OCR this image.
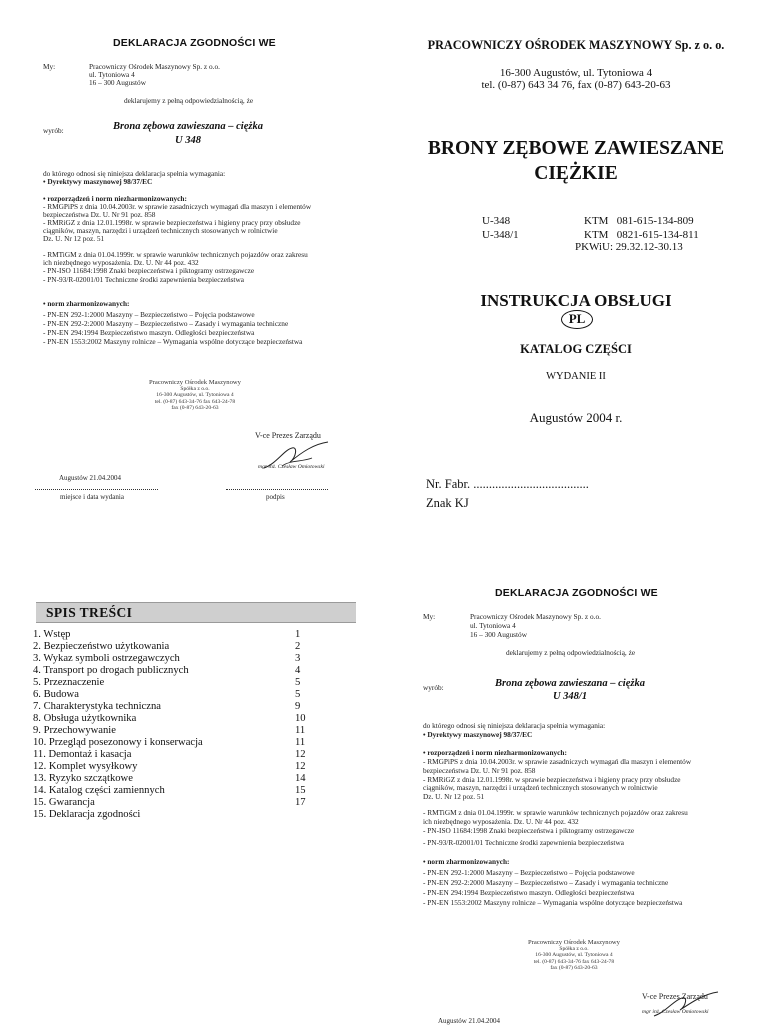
DEKLARACJA ZGODNOŚCI WE
My:	Pracowniczy Ośrodek Maszynowy Sp. z o.o.
ul. Tytoniowa 4
16 – 300 Augustów
deklarujemy z pełną odpowiedzialnością, że
wyrób:	Brona zębowa zawieszana – ciężka
U 348
do którego odnosi się niniejsza deklaracja spełnia wymagania:
• Dyrektywy maszynowej 98/37/EC
• rozporządzeń i norm niezharmonizowanych:
- RMGPiPS z dnia 10.04.2003r. w sprawie zasadniczych wymagań dla maszyn i elementów
bezpieczeństwa Dz. U. Nr 91 poz. 858
- RMRiGZ z dnia 12.01.1998r. w sprawie bezpieczeństwa i higieny pracy przy obsłudze
ciągników, maszyn, narzędzi i urządzeń technicznych stosowanych w rolnictwie
Dz. U. Nr 12 poz. 51
- RMTiGM z dnia 01.04.1999r. w sprawie warunków technicznych pojazdów oraz zakresu
ich niezbędnego wyposażenia. Dz. U. Nr 44 poz. 432
- PN-ISO 11684:1998 Znaki bezpieczeństwa i piktogramy ostrzegawcze
- PN-93/R-02001/01 Techniczne środki zapewnienia bezpieczeństwa
• norm zharmonizowanych:
- PN-EN 292-1:2000 Maszyny – Bezpieczeństwo – Pojęcia podstawowe
- PN-EN 292-2:2000 Maszyny – Bezpieczeństwo – Zasady i wymagania techniczne
- PN-EN 294:1994 Bezpieczeństwo maszyn. Odległości bezpieczeństwa
- PN-EN 1553:2002 Maszyny rolnicze – Wymagania wspólne dotyczące bezpieczeństwa
Pracowniczy Ośrodek Maszynowy
Spółka z o.o.
16-300 Augustów, ul. Tytoniowa 4
tel. (0-87) 643-34-76 fax 643-24-78
fax (0-87) 643-20-63
V-ce Prezes Zarządu
mgr inż. Czesław Omiotowski
Augustów 21.04.2004
miejsce i data wydania	podpis
PRACOWNICZY OŚRODEK MASZYNOWY Sp. z o. o.
16-300 Augustów, ul. Tytoniowa 4
tel. (0-87) 643 34 76, fax (0-87) 643-20-63
BRONY ZĘBOWE ZAWIESZANE
CIĘŻKIE
U-348	KTM   081-615-134-809
U-348/1	KTM   0821-615-134-811
PKWiU: 29.32.12-30.13
INSTRUKCJA OBSŁUGI
PL
KATALOG CZĘŚCI
WYDANIE II
Augustów 2004 r.
Nr. Fabr. .....................................
Znak KJ
SPIS TREŚCI
1. Wstęp	1
2. Bezpieczeństwo użytkowania	2
3. Wykaz symboli ostrzegawczych	3
4. Transport po drogach publicznych	4
5. Przeznaczenie	5
6. Budowa	5
7. Charakterystyka techniczna	9
8. Obsługa użytkownika	10
9. Przechowywanie	11
10. Przegląd posezonowy i konserwacja	11
11. Demontaż i kasacja	12
12. Komplet wysyłkowy	12
13. Ryzyko szczątkowe	14
14. Katalog części zamiennych	15
15. Gwarancja	17
15. Deklaracja zgodności
DEKLARACJA ZGODNOŚCI WE
My:	Pracowniczy Ośrodek Maszynowy Sp. z o.o.
ul. Tytoniowa 4
16 – 300 Augustów
deklarujemy z pełną odpowiedzialnością, że
wyrób:	Brona zębowa zawieszana – ciężka
U 348/1
do którego odnosi się niniejsza deklaracja spełnia wymagania:
• Dyrektywy maszynowej 98/37/EC
• rozporządzeń i norm niezharmonizowanych:
- RMGPiPS z dnia 10.04.2003r. w sprawie zasadniczych wymagań dla maszyn i elementów
bezpieczeństwa Dz. U. Nr 91 poz. 858
- RMRiGZ z dnia 12.01.1998r. w sprawie bezpieczeństwa i higieny pracy przy obsłudze
ciągników, maszyn, narzędzi i urządzeń technicznych stosowanych w rolnictwie
Dz. U. Nr 12 poz. 51
- RMTiGM z dnia 01.04.1999r. w sprawie warunków technicznych pojazdów oraz zakresu
ich niezbędnego wyposażenia. Dz. U. Nr 44 poz. 432
- PN-ISO 11684:1998 Znaki bezpieczeństwa i piktogramy ostrzegawcze
- PN-93/R-02001/01 Techniczne środki zapewnienia bezpieczeństwa
• norm zharmonizowanych:
- PN-EN 292-1:2000 Maszyny – Bezpieczeństwo – Pojęcia podstawowe
- PN-EN 292-2:2000 Maszyny – Bezpieczeństwo – Zasady i wymagania techniczne
- PN-EN 294:1994 Bezpieczeństwo maszyn. Odległości bezpieczeństwa
- PN-EN 1553:2002 Maszyny rolnicze – Wymagania wspólne dotyczące bezpieczeństwa
Pracowniczy Ośrodek Maszynowy
Spółka z o.o.
16-300 Augustów, ul. Tytoniowa 4
tel. (0-87) 643-34-76 fax 643-24-78
fax (0-87) 643-20-63
V-ce Prezes Zarządu
mgr inż. Czesław Omiotowski
Augustów 21.04.2004
